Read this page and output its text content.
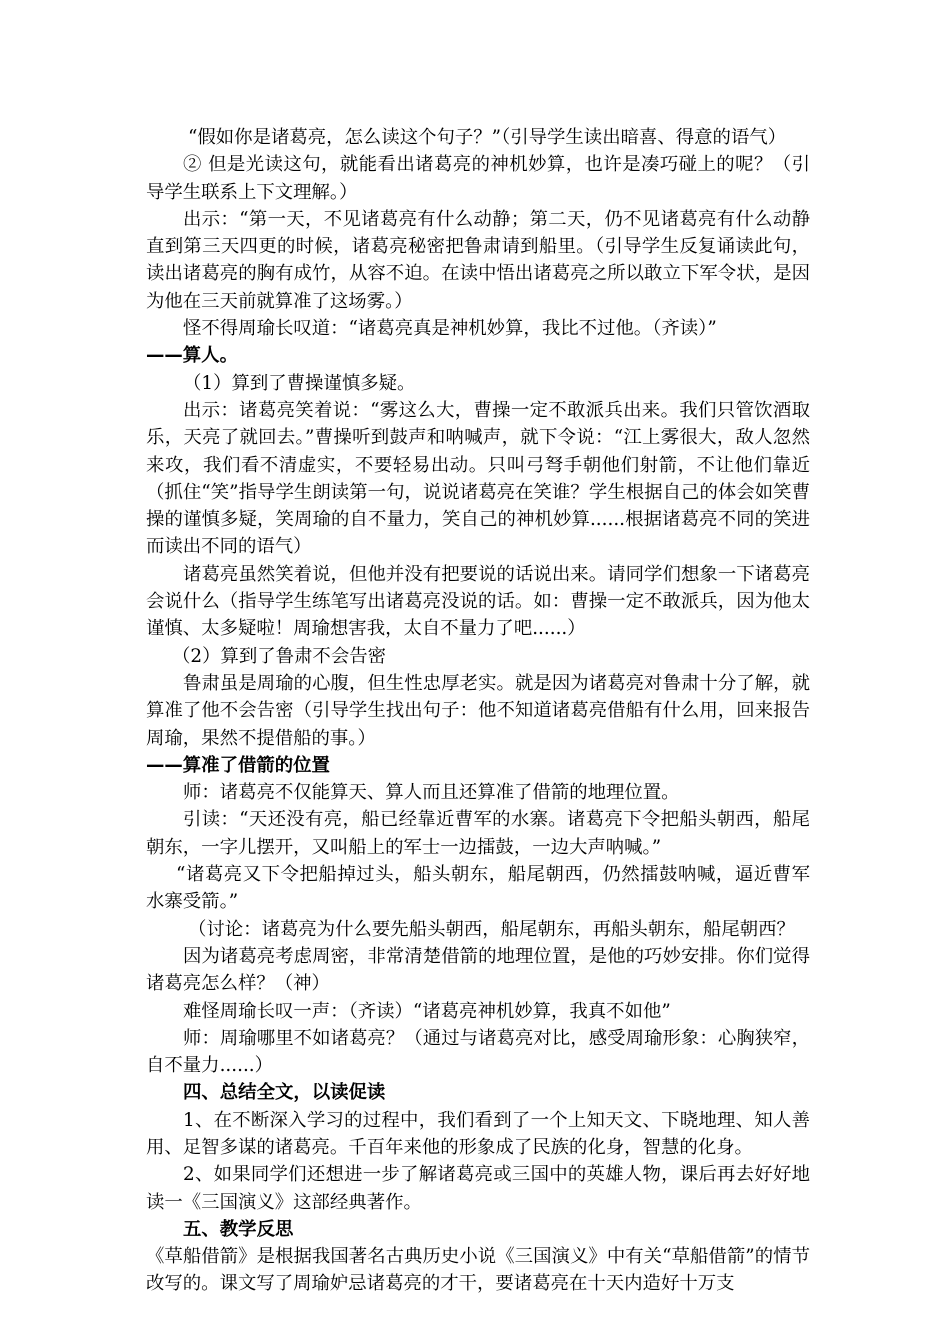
“假如你是诸葛亮，怎么读这个句子？”（引导学生读出暗喜、得意的语气）

② 但是光读这句，就能看出诸葛亮的神机妙算，也许是凑巧碰上的呢？（引导学生联系上下文理解。）

出示：“第一天，不见诸葛亮有什么动静；第二天，仍不见诸葛亮有什么动静直到第三天四更的时候，诸葛亮秘密把鲁肃请到船里。（引导学生反复诵读此句，读出诸葛亮的胸有成竹，从容不迫。在读中悟出诸葛亮之所以敢立下军令状，是因为他在三天前就算准了这场雾。）

怪不得周瑜长叹道：“诸葛亮真是神机妙算，我比不过他。（齐读）”

——算人。

（1）算到了曹操谨慎多疑。

出示：诸葛亮笑着说：“雾这么大，曹操一定不敢派兵出来。我们只管饮酒取乐，天亮了就回去。”曹操听到鼓声和呐喊声，就下令说：“江上雾很大，敌人忽然来攻，我们看不清虚实，不要轻易出动。只叫弓弩手朝他们射箭，不让他们靠近（抓住“笑”指导学生朗读第一句，说说诸葛亮在笑谁？学生根据自己的体会如笑曹操的谨慎多疑，笑周瑜的自不量力，笑自己的神机妙算......根据诸葛亮不同的笑进而读出不同的语气）

诸葛亮虽然笑着说，但他并没有把要说的话说出来。请同学们想象一下诸葛亮会说什么（指导学生练笔写出诸葛亮没说的话。如：曹操一定不敢派兵，因为他太谨慎、太多疑啦！周瑜想害我，太自不量力了吧......）

（2）算到了鲁肃不会告密

鲁肃虽是周瑜的心腹，但生性忠厚老实。就是因为诸葛亮对鲁肃十分了解，就算准了他不会告密（引导学生找出句子：他不知道诸葛亮借船有什么用，回来报告周瑜，果然不提借船的事。）

——算准了借箭的位置

师：诸葛亮不仅能算天、算人而且还算准了借箭的地理位置。

引读：“天还没有亮，船已经靠近曹军的水寨。诸葛亮下令把船头朝西，船尾朝东，一字儿摆开，又叫船上的军士一边擂鼓，一边大声呐喊。”

“诸葛亮又下令把船掉过头，船头朝东，船尾朝西，仍然擂鼓呐喊，逼近曹军水寨受箭。”

（讨论：诸葛亮为什么要先船头朝西，船尾朝东，再船头朝东，船尾朝西？

因为诸葛亮考虑周密，非常清楚借箭的地理位置，是他的巧妙安排。你们觉得诸葛亮怎么样？（神）

难怪周瑜长叹一声：（齐读）“诸葛亮神机妙算，我真不如他”

师：周瑜哪里不如诸葛亮？（通过与诸葛亮对比，感受周瑜形象：心胸狭窄，自不量力......）

四、总结全文，以读促读

1、在不断深入学习的过程中，我们看到了一个上知天文、下晓地理、知人善用、足智多谋的诸葛亮。千百年来他的形象成了民族的化身，智慧的化身。

2、如果同学们还想进一步了解诸葛亮或三国中的英雄人物，课后再去好好地读一《三国演义》这部经典著作。

五、教学反思

《草船借箭》是根据我国著名古典历史小说《三国演义》中有关“草船借箭”的情节改写的。课文写了周瑜妒忌诸葛亮的才干，要诸葛亮在十天内造好十万支
